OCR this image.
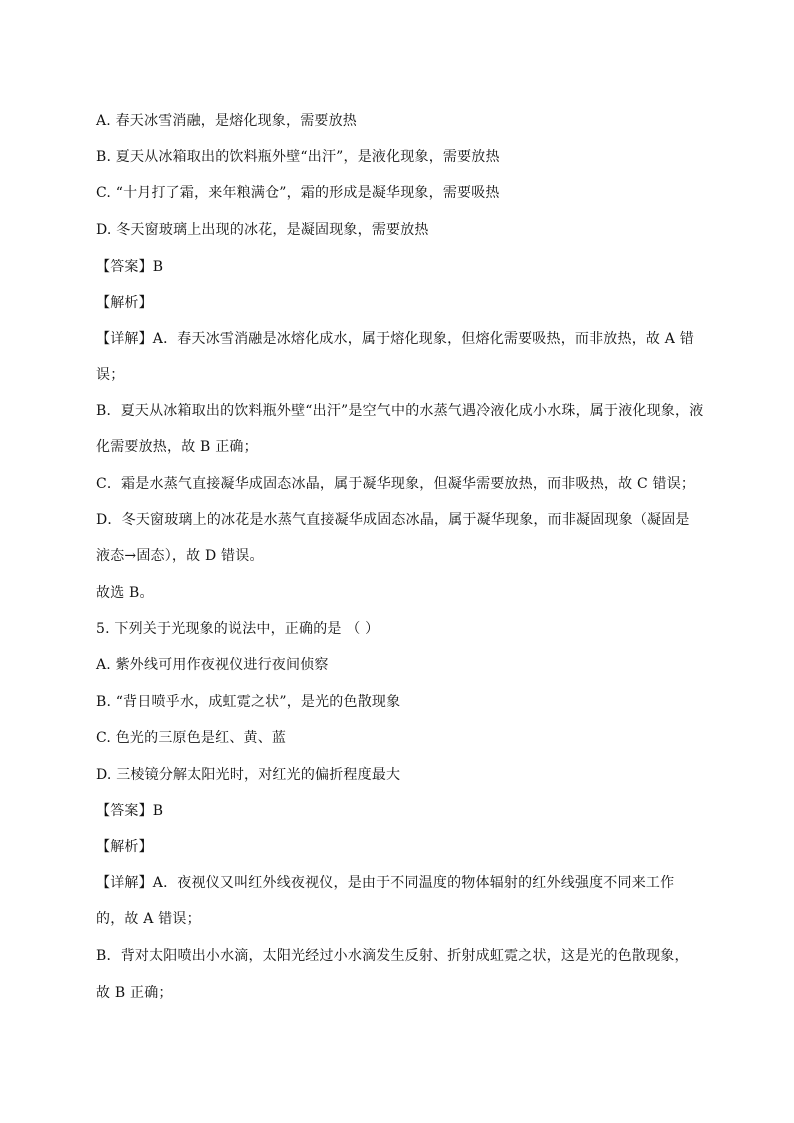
A. 春天冰雪消融，是熔化现象，需要放热
B. 夏天从冰箱取出的饮料瓶外壁“出汗”，是液化现象，需要放热
C. “十月打了霜，来年粮满仓”，霜的形成是凝华现象，需要吸热
D. 冬天窗玻璃上出现的冰花，是凝固现象，需要放热
【答案】B
【解析】
【详解】A．春天冰雪消融是冰熔化成水，属于熔化现象，但熔化需要吸热，而非放热，故 A 错
误；
B．夏天从冰箱取出的饮料瓶外壁“出汗”是空气中的水蒸气遇冷液化成小水珠，属于液化现象，液
化需要放热，故 B 正确；
C．霜是水蒸气直接凝华成固态冰晶，属于凝华现象，但凝华需要放热，而非吸热，故 C 错误；
D．冬天窗玻璃上的冰花是水蒸气直接凝华成固态冰晶，属于凝华现象，而非凝固现象（凝固是
液态→固态），故 D 错误。
故选 B。
5. 下列关于光现象的说法中，正确的是 （ ）
A. 紫外线可用作夜视仪进行夜间侦察
B. “背日喷乎水，成虹霓之状”，是光的色散现象
C. 色光的三原色是红、黄、蓝
D. 三棱镜分解太阳光时，对红光的偏折程度最大
【答案】B
【解析】
【详解】A．夜视仪又叫红外线夜视仪，是由于不同温度的物体辐射的红外线强度不同来工作
的，故 A 错误；
B．背对太阳喷出小水滴，太阳光经过小水滴发生反射、折射成虹霓之状，这是光的色散现象，
故 B 正确；
